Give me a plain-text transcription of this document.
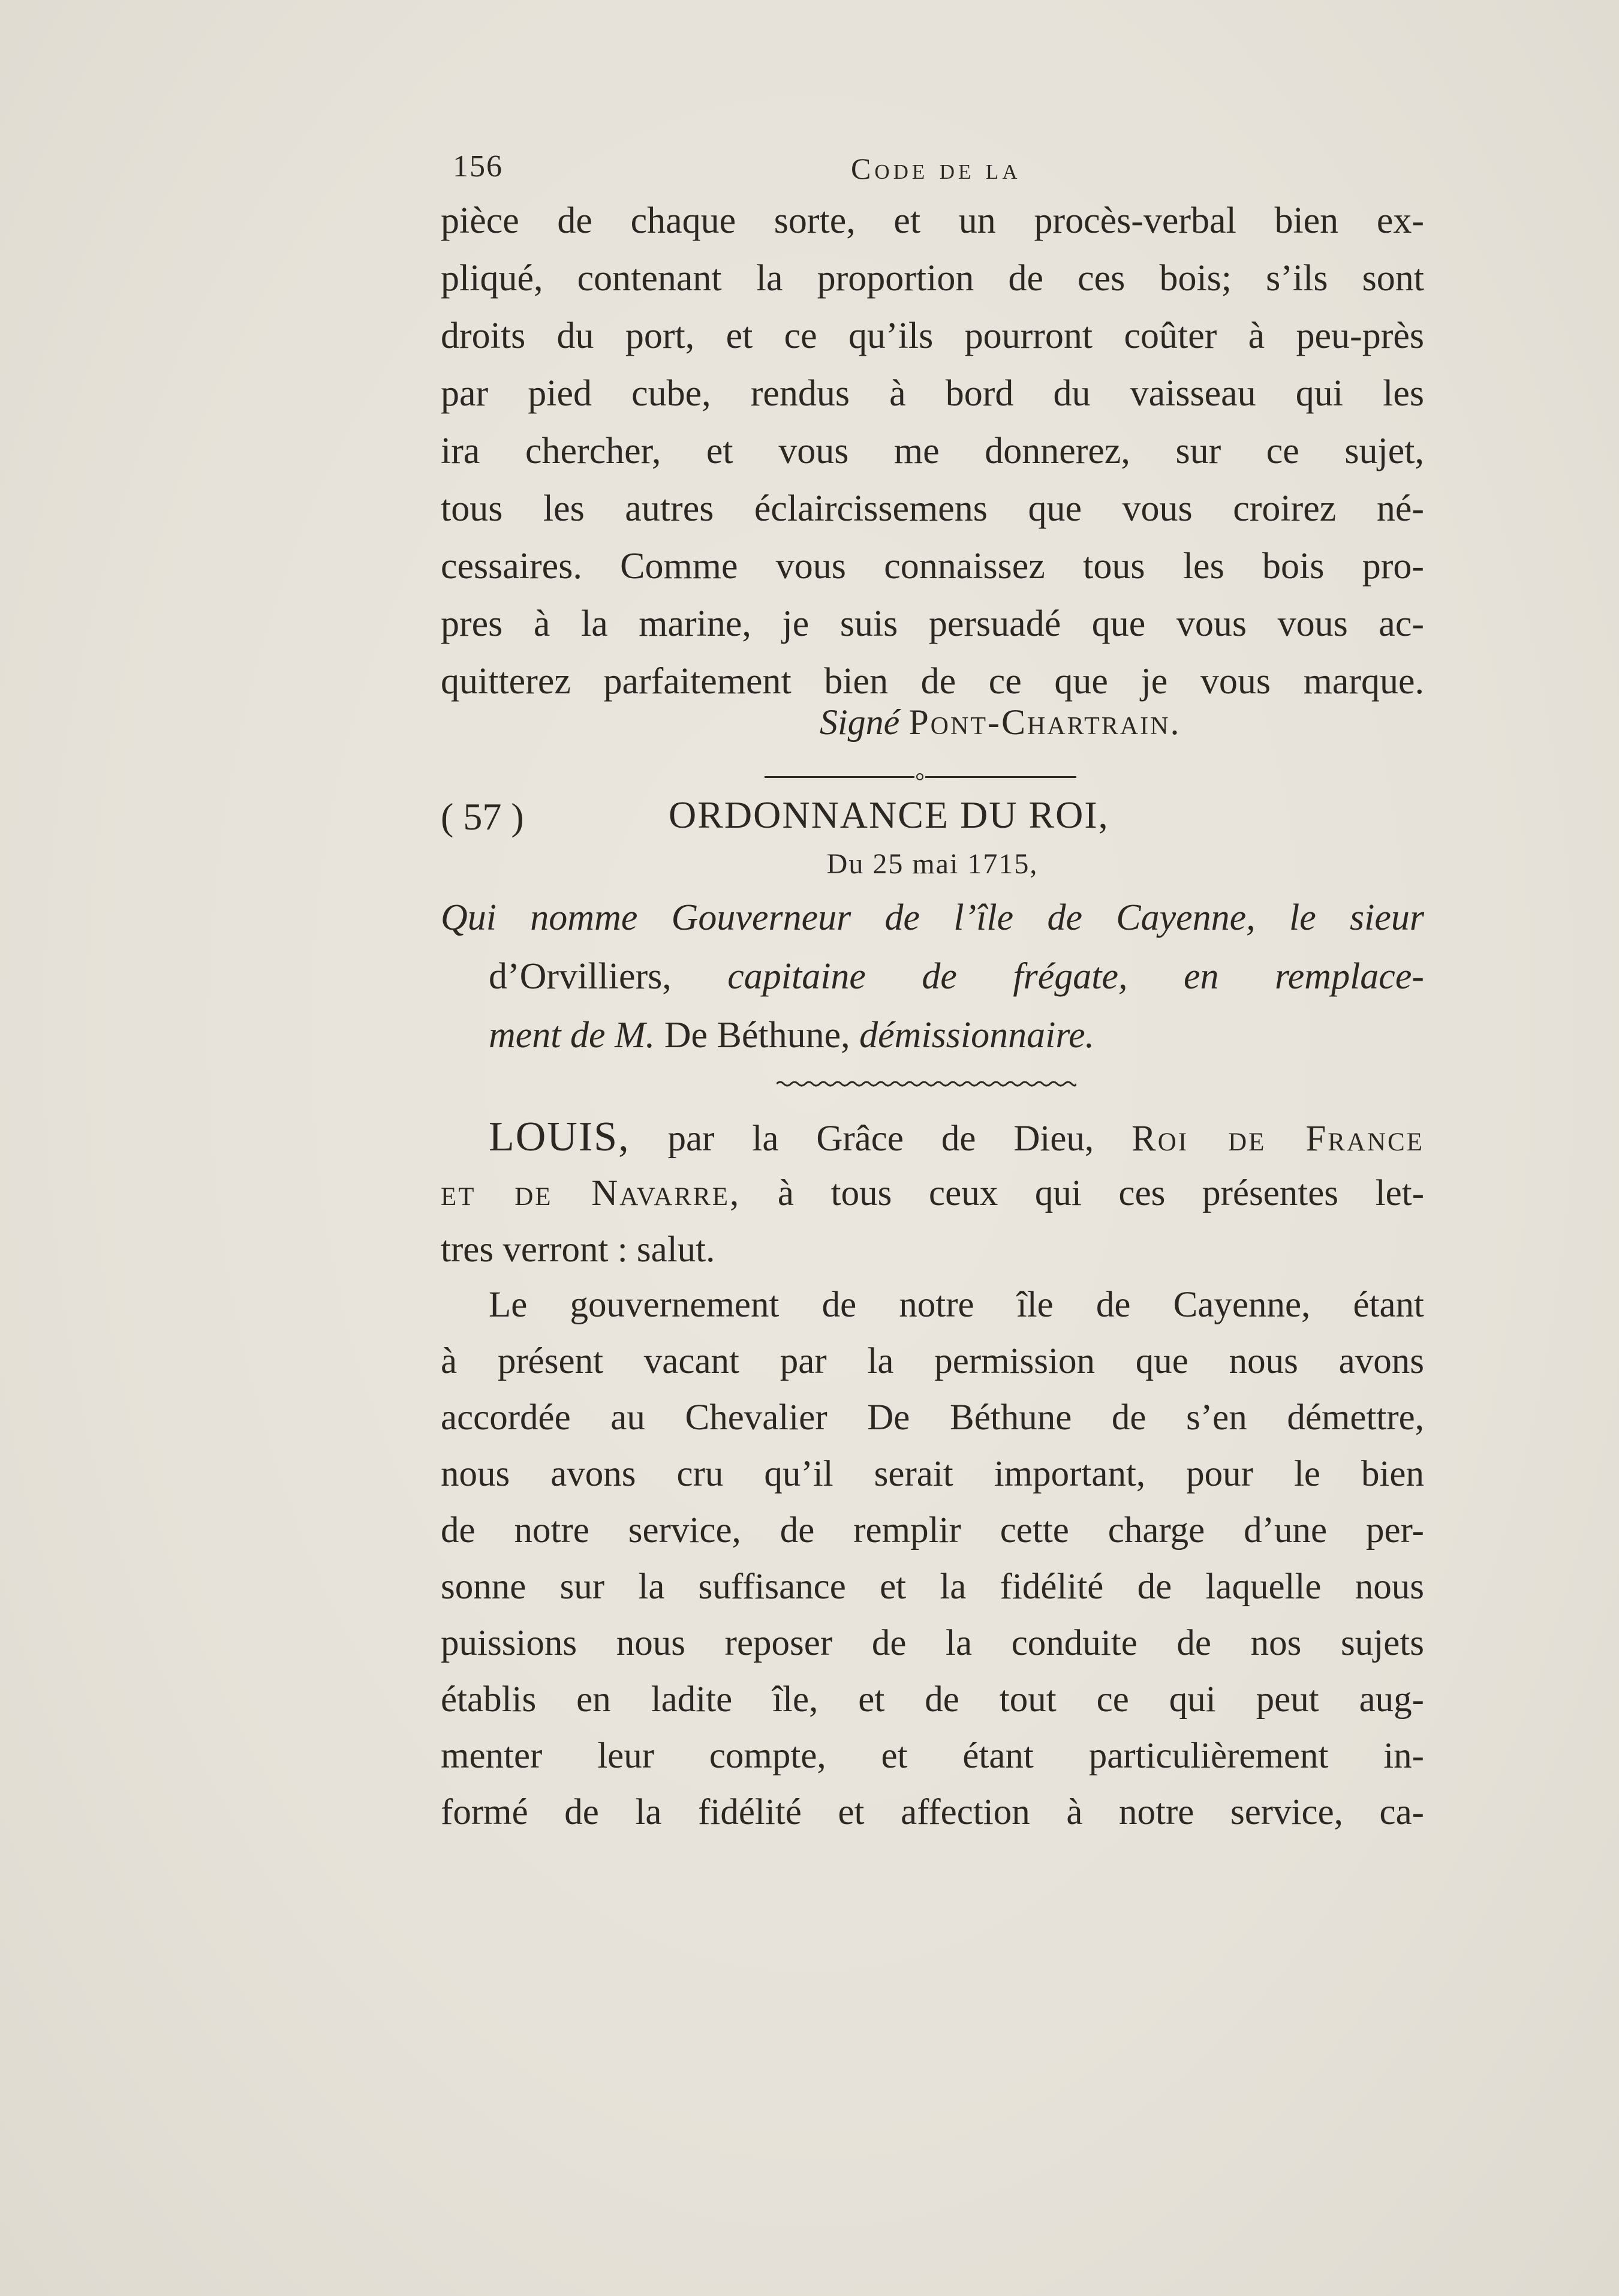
156	Code de la
pièce de chaque sorte, et un procès-verbal bien ex-
pliqué, contenant la proportion de ces bois; s’ils sont
droits du port, et ce qu’ils pourront coûter à peu-près
par pied cube, rendus à bord du vaisseau qui les
ira chercher, et vous me donnerez, sur ce sujet,
tous les autres éclaircissemens que vous croirez né-
cessaires. Comme vous connaissez tous les bois pro-
pres à la marine, je suis persuadé que vous vous ac-
quitterez parfaitement bien de ce que je vous marque.
Signé Pont-Chartrain.
( 57 )	ORDONNANCE DU ROI,
Du 25 mai 1715,
Qui nomme Gouverneur de l’île de Cayenne, le sieur
d’Orvilliers, capitaine de frégate, en remplace-
ment de M. De Béthune, démissionnaire.
LOUIS, par la Grâce de Dieu, Roi de France
et de Navarre, à tous ceux qui ces présentes let-
tres verront : salut.
Le gouvernement de notre île de Cayenne, étant
à présent vacant par la permission que nous avons
accordée au Chevalier De Béthune de s’en démettre,
nous avons cru qu’il serait important, pour le bien
de notre service, de remplir cette charge d’une per-
sonne sur la suffisance et la fidélité de laquelle nous
puissions nous reposer de la conduite de nos sujets
établis en ladite île, et de tout ce qui peut aug-
menter leur compte, et étant particulièrement in-
formé de la fidélité et affection à notre service, ca-
